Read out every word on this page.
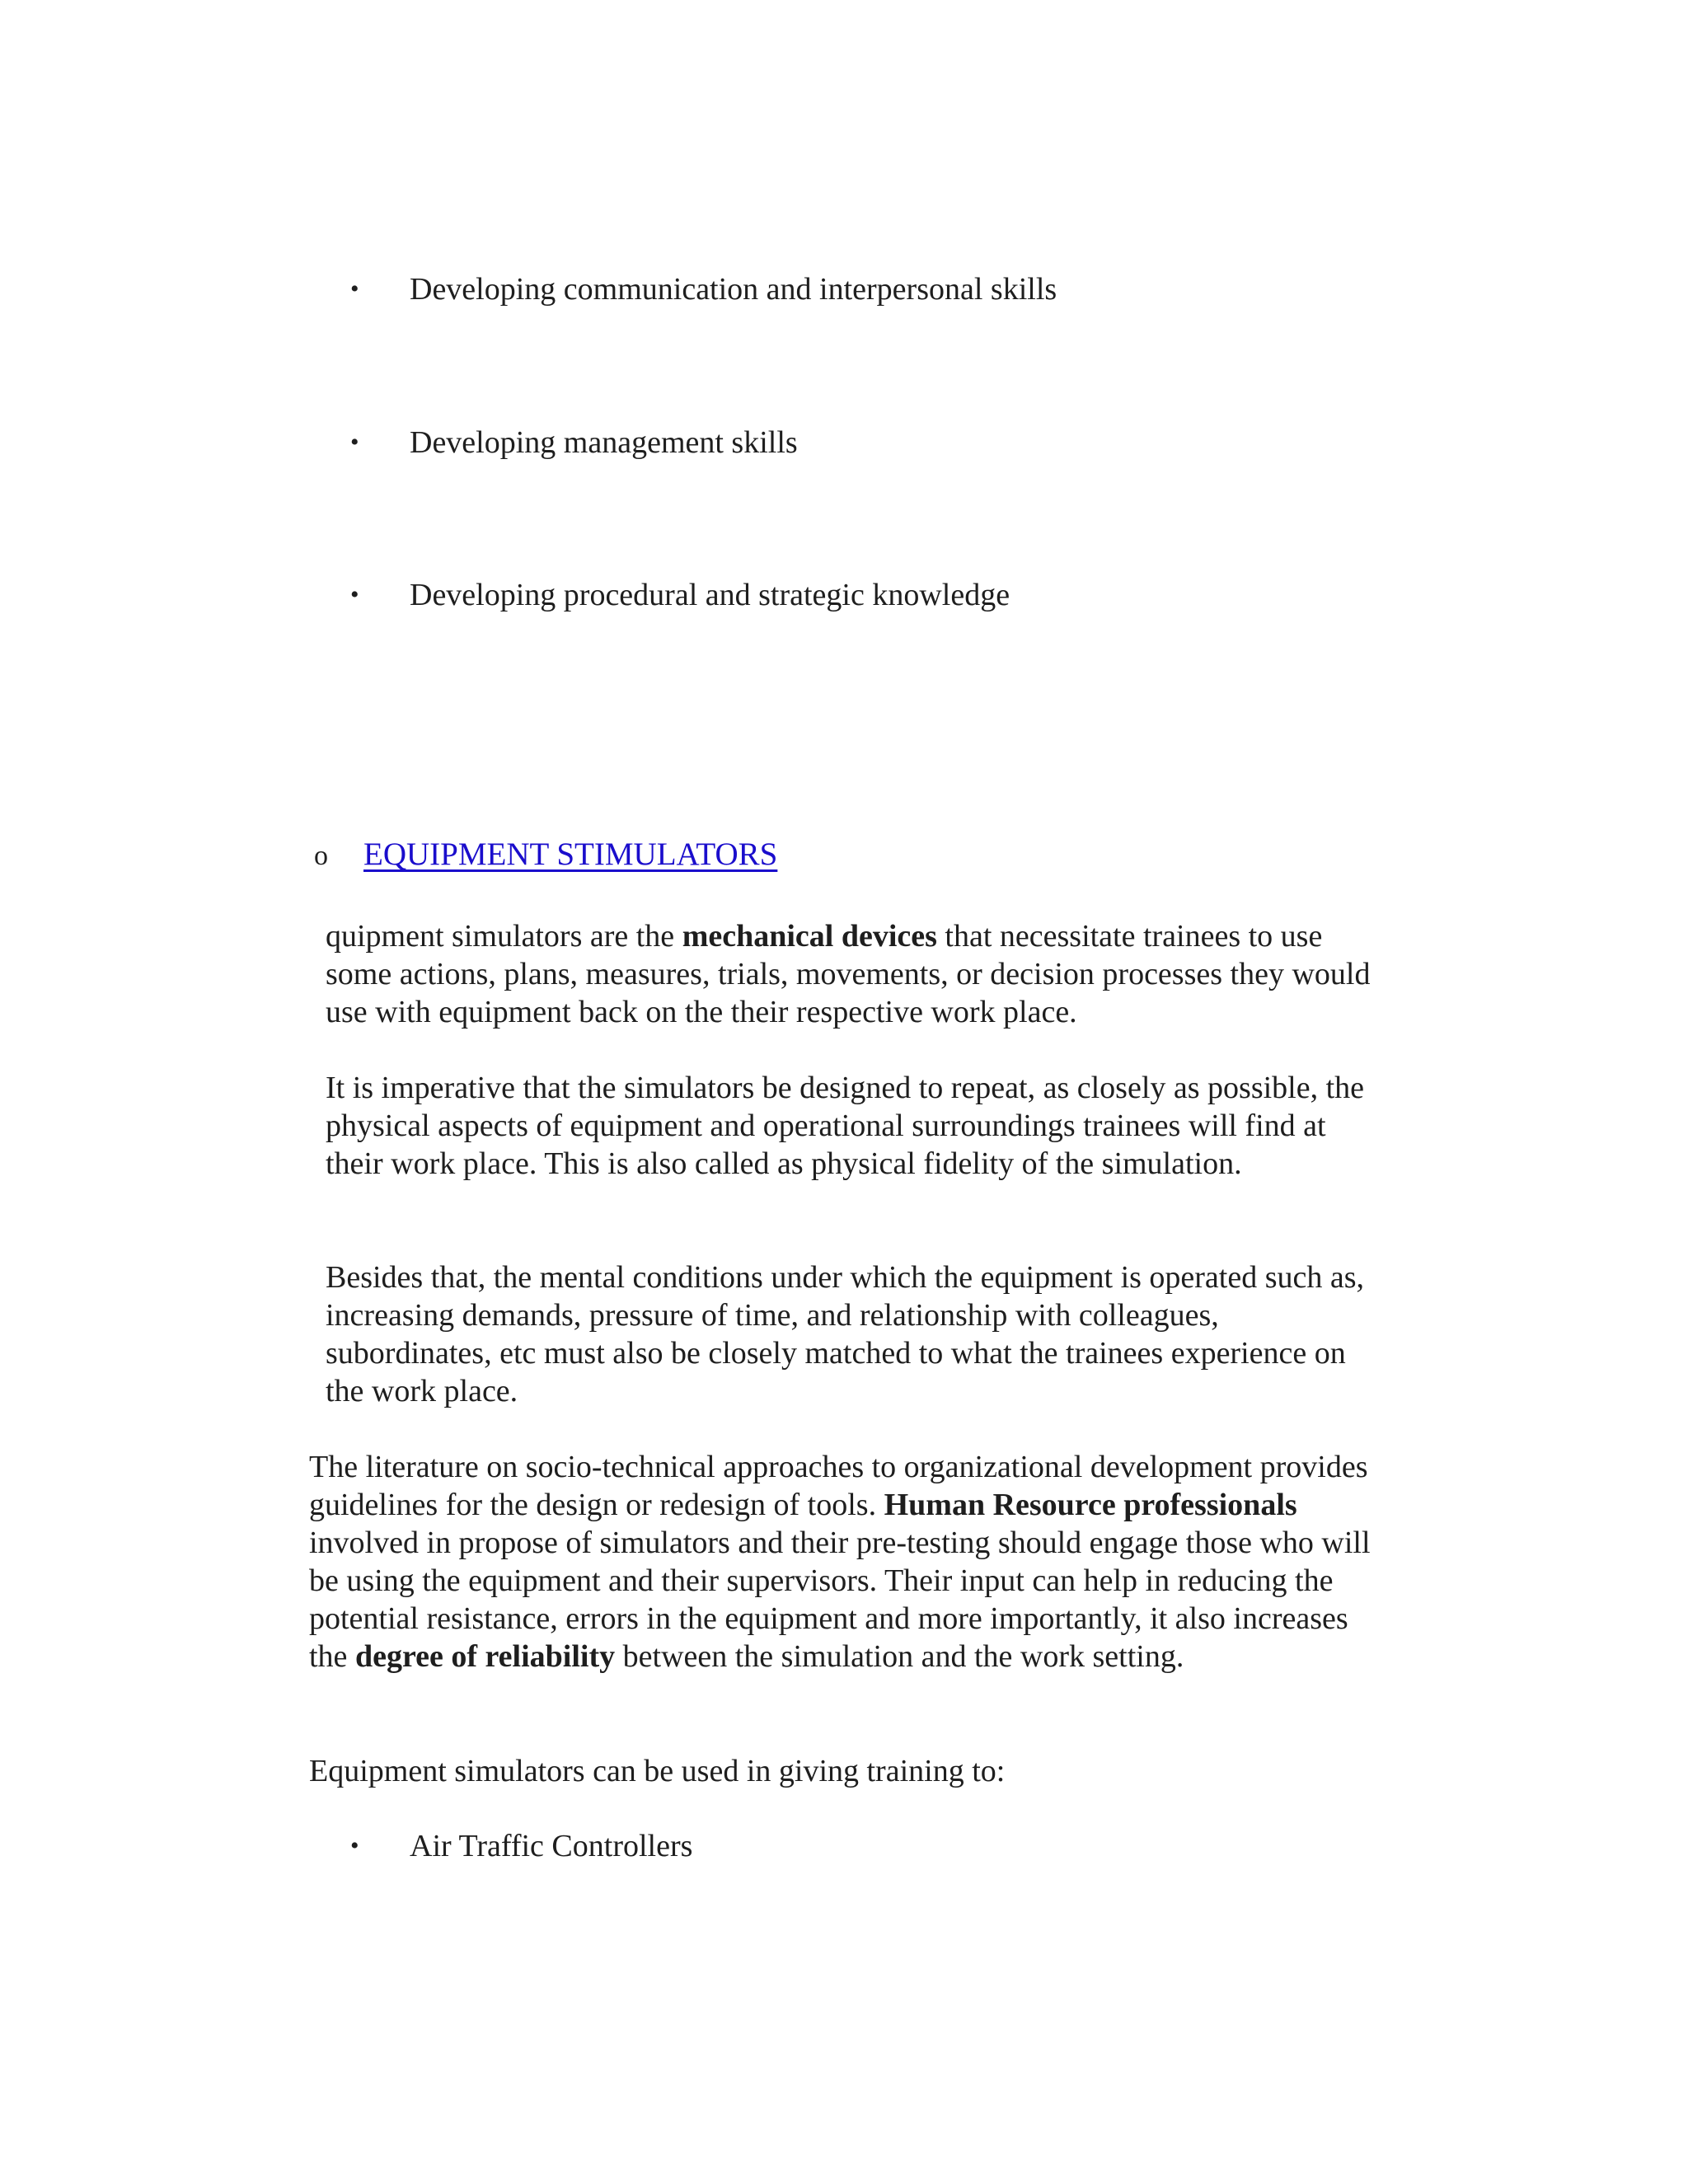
• Developing communication and interpersonal skills
• Developing management skills
• Developing procedural and strategic knowledge
o EQUIPMENT STIMULATORS

quipment simulators are the mechanical devices that necessitate trainees to use some actions, plans, measures, trials, movements, or decision processes they would use with equipment back on the their respective work place.

It is imperative that the simulators be designed to repeat, as closely as possible, the physical aspects of equipment and operational surroundings trainees will find at their work place. This is also called as physical fidelity of the simulation.

Besides that, the mental conditions under which the equipment is operated such as, increasing demands, pressure of time, and relationship with colleagues, subordinates, etc must also be closely matched to what the trainees experience on the work place.

The literature on socio-technical approaches to organizational development provides guidelines for the design or redesign of tools. Human Resource professionals involved in propose of simulators and their pre-testing should engage those who will be using the equipment and their supervisors. Their input can help in reducing the potential resistance, errors in the equipment and more importantly, it also increases the degree of reliability between the simulation and the work setting.

Equipment simulators can be used in giving training to:

• Air Traffic Controllers
